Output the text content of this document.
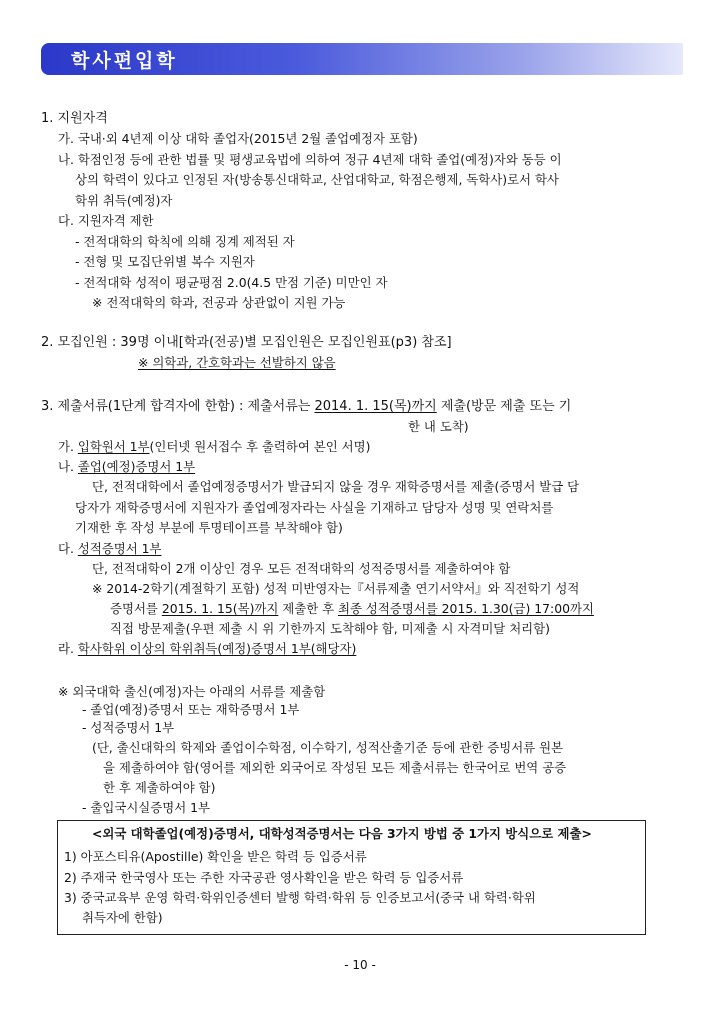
학사편입학
1. 지원자격
가. 국내·외 4년제 이상 대학 졸업자(2015년 2월 졸업예정자 포함)
나. 학점인정 등에 관한 법률 및 평생교육법에 의하여 정규 4년제 대학 졸업(예정)자와 동등 이
상의 학력이 있다고 인정된 자(방송통신대학교, 산업대학교, 학점은행제, 독학사)로서 학사
학위 취득(예정)자
다. 지원자격 제한
- 전적대학의 학칙에 의해 징계 제적된 자
- 전형 및 모집단위별 복수 지원자
- 전적대학 성적이 평균평점 2.0(4.5 만점 기준) 미만인 자
※ 전적대학의 학과, 전공과 상관없이 지원 가능
2. 모집인원 : 39명 이내[학과(전공)별 모집인원은 모집인원표(p3) 참조]
※ 의학과, 간호학과는 선발하지 않음
3. 제출서류(1단계 합격자에 한함) : 제출서류는 2014. 1. 15(목)까지 제출(방문 제출 또는 기
한 내 도착)
가. 입학원서 1부(인터넷 원서접수 후 출력하여 본인 서명)
나. 졸업(예정)증명서 1부
단, 전적대학에서 졸업예정증명서가 발급되지 않을 경우 재학증명서를 제출(증명서 발급 담
당자가 재학증명서에 지원자가 졸업예정자라는 사실을 기재하고 담당자 성명 및 연락처를
기재한 후 작성 부분에 투명테이프를 부착해야 함)
다. 성적증명서 1부
단, 전적대학이 2개 이상인 경우 모든 전적대학의 성적증명서를 제출하여야 함
※ 2014-2학기(계절학기 포함) 성적 미반영자는『서류제출 연기서약서』와 직전학기 성적
증명서를 2015. 1. 15(목)까지 제출한 후 최종 성적증명서를 2015. 1.30(금) 17:00까지
직접 방문제출(우편 제출 시 위 기한까지 도착해야 함, 미제출 시 자격미달 처리함)
라. 학사학위 이상의 학위취득(예정)증명서 1부(해당자)
※ 외국대학 출신(예정)자는 아래의 서류를 제출함
- 졸업(예정)증명서 또는 재학증명서 1부
- 성적증명서 1부
(단, 출신대학의 학제와 졸업이수학점, 이수학기, 성적산출기준 등에 관한 증빙서류 원본
을 제출하여야 함(영어를 제외한 외국어로 작성된 모든 제출서류는 한국어로 번역 공증
한 후 제출하여야 함)
- 출입국시실증명서 1부
<외국 대학졸업(예정)증명서, 대학성적증명서는 다음 3가지 방법 중 1가지 방식으로 제출>
1) 아포스티유(Apostille) 확인을 받은 학력 등 입증서류
2) 주재국 한국영사 또는 주한 자국공관 영사확인을 받은 학력 등 입증서류
3) 중국교육부 운영 학력·학위인증센터 발행 학력·학위 등 인증보고서(중국 내 학력·학위
취득자에 한함)
- 10 -
